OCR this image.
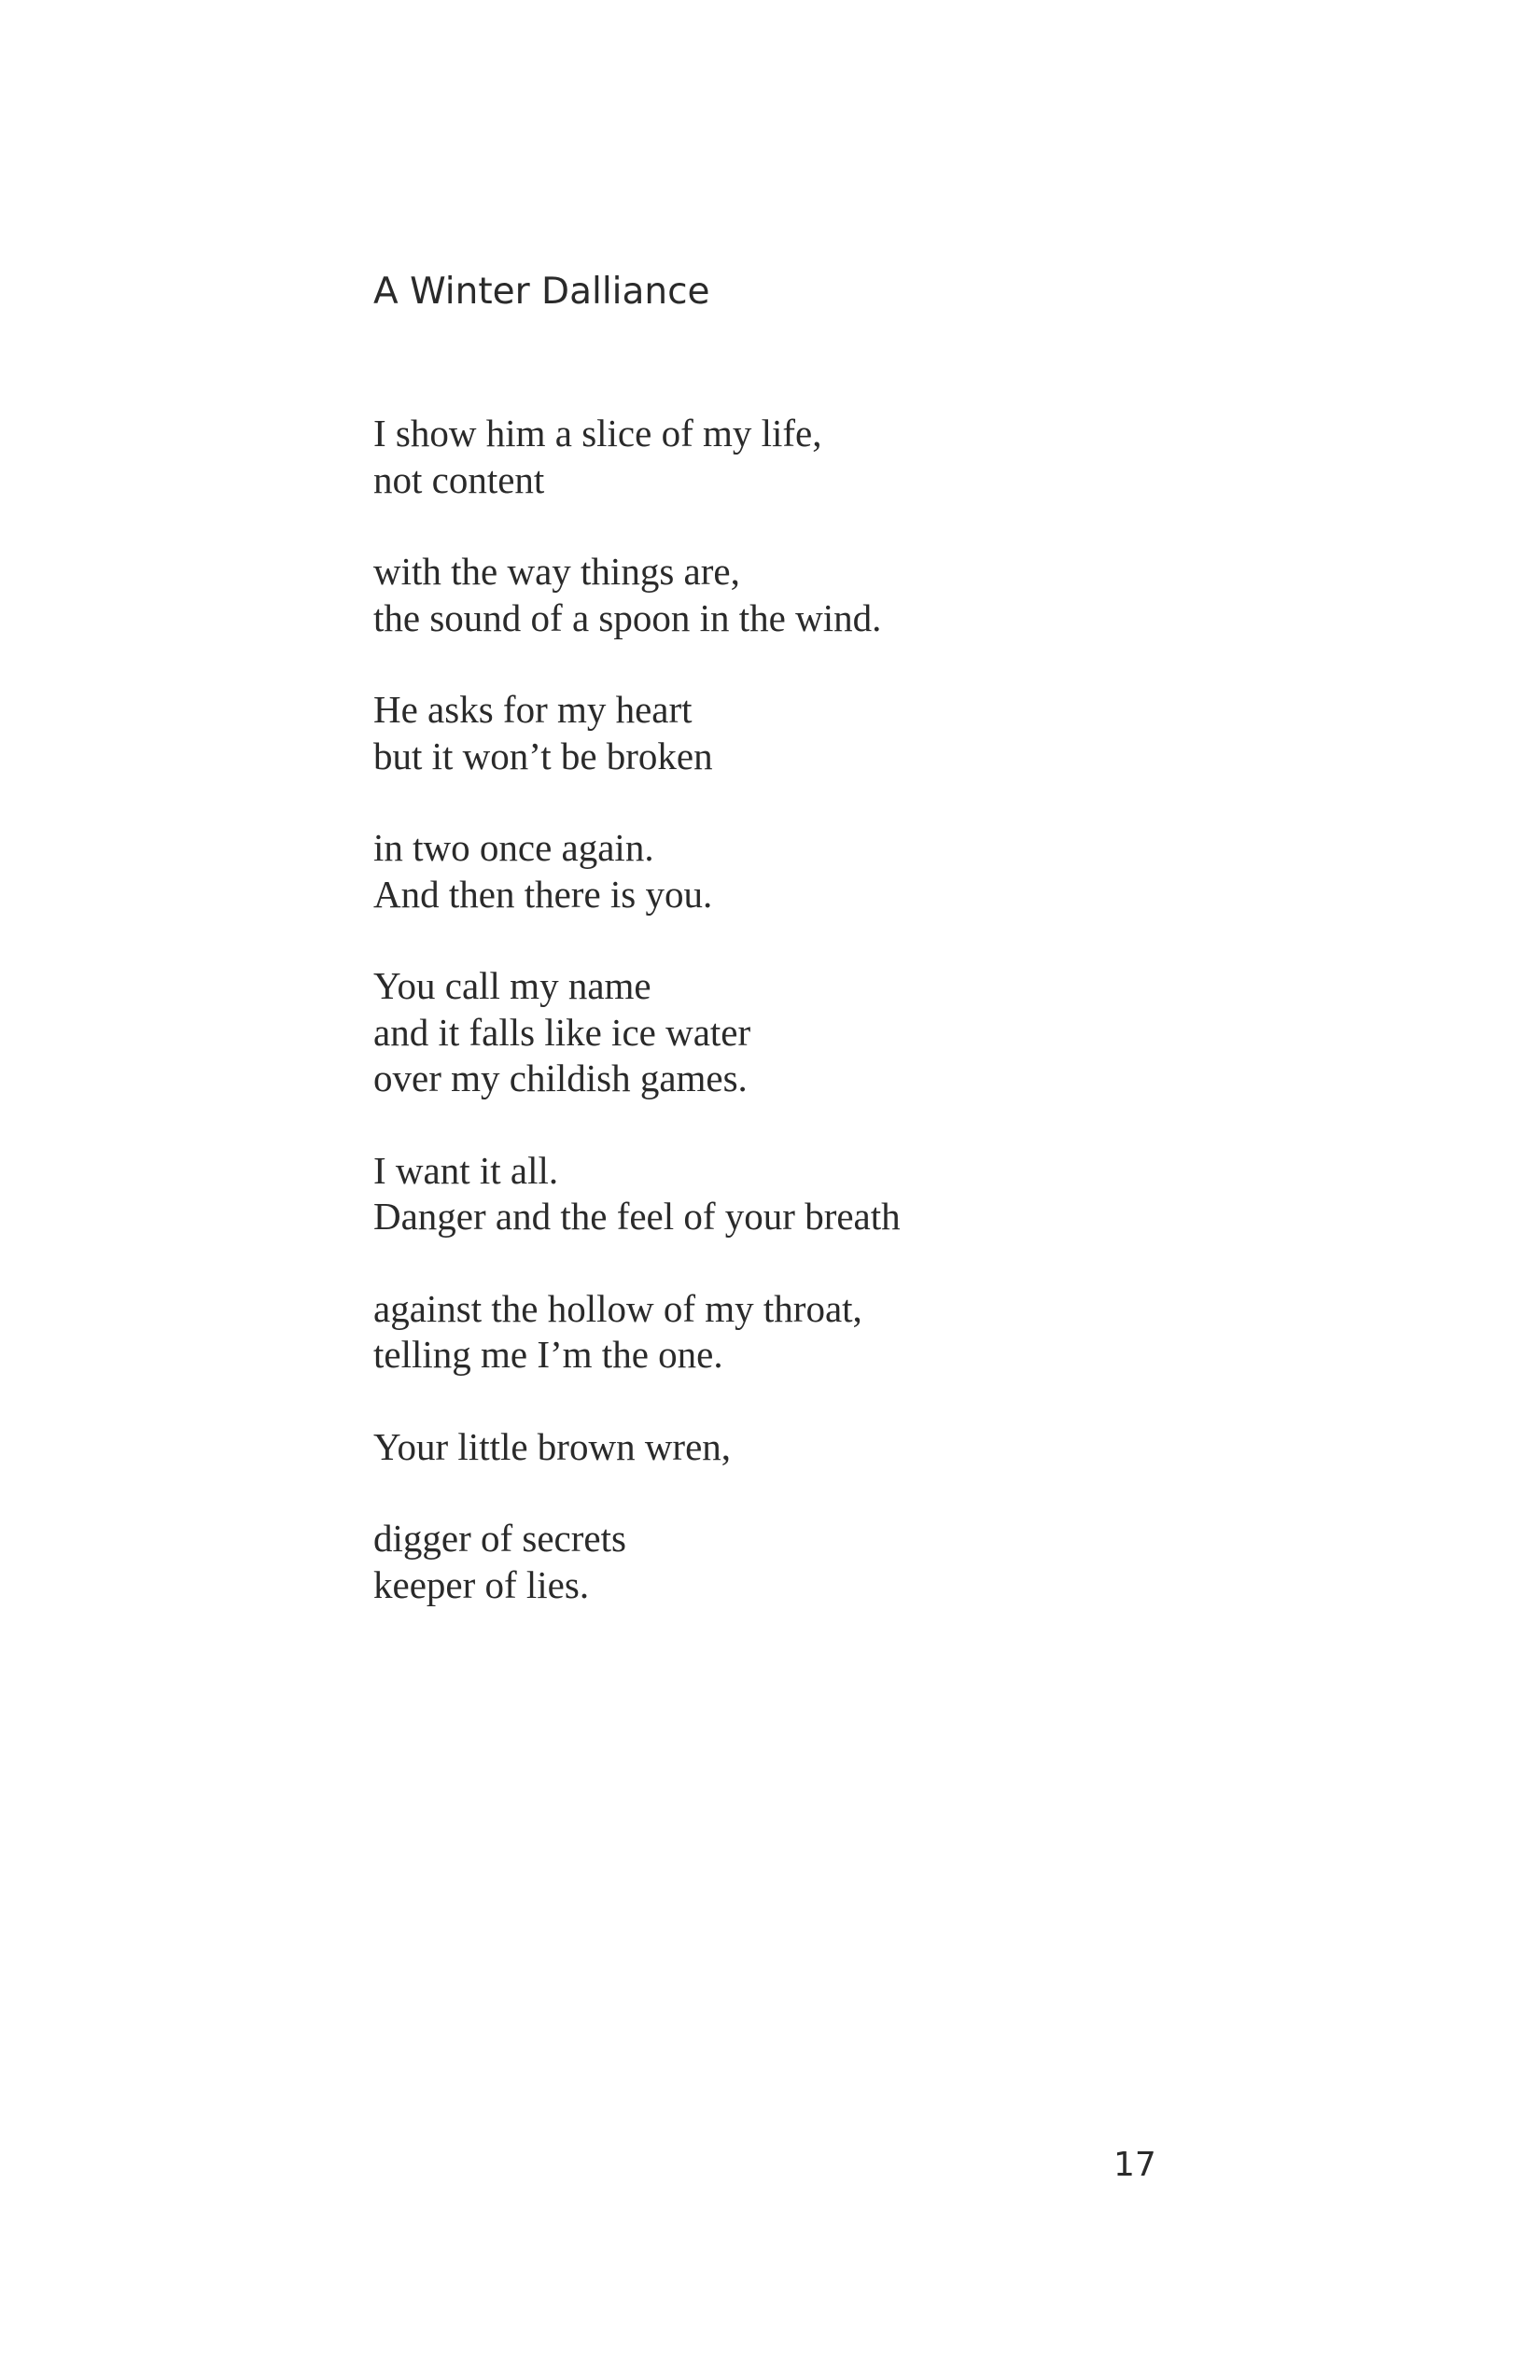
A Winter Dalliance

I show him a slice of my life,
not content

with the way things are,
the sound of a spoon in the wind.

He asks for my heart
but it won’t be broken

in two once again.
And then there is you.

You call my name
and it falls like ice water
over my childish games.

I want it all.
Danger and the feel of your breath

against the hollow of my throat,
telling me I’m the one.

Your little brown wren,

digger of secrets
keeper of lies.

17
